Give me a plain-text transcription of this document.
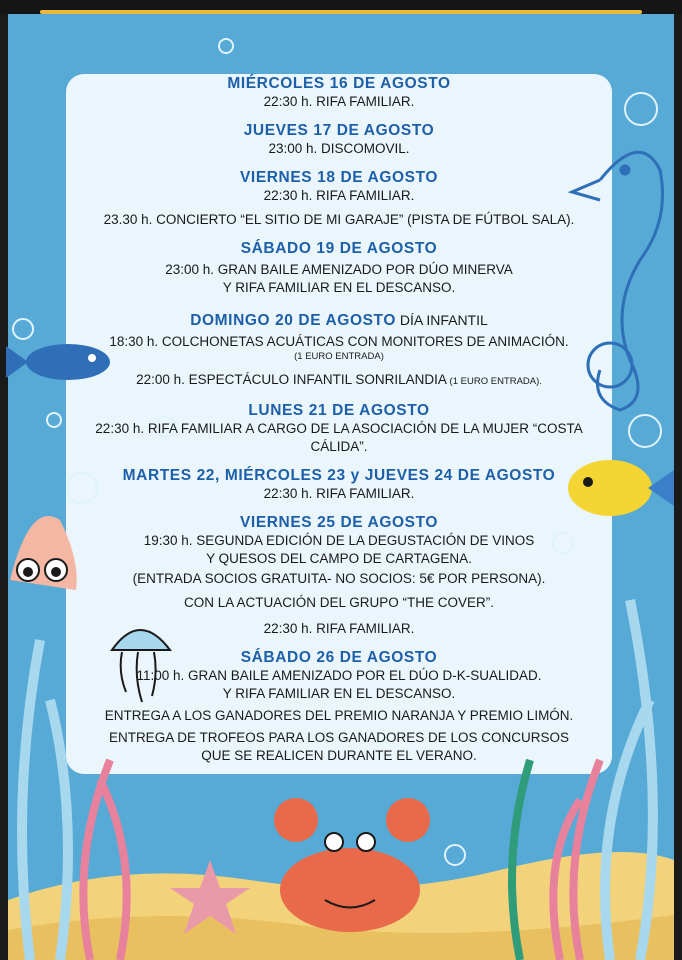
MIÉRCOLES 16 DE AGOSTO
22:30 h. RIFA FAMILIAR.
JUEVES 17 DE AGOSTO
23:00 h. DISCOMOVIL.
VIERNES 18 DE AGOSTO
22:30 h. RIFA FAMILIAR.
23.30 h. CONCIERTO “EL SITIO DE MI GARAJE” (PISTA DE FÚTBOL SALA).
SÁBADO 19 DE AGOSTO
23:00 h. GRAN BAILE AMENIZADO POR DÚO MINERVA
Y RIFA FAMILIAR EN EL DESCANSO.
DOMINGO 20 DE AGOSTO DÍA INFANTIL
18:30 h. COLCHONETAS ACUÁTICAS CON MONITORES DE ANIMACIÓN.
(1 EURO ENTRADA)
22:00 h. ESPECTÁCULO INFANTIL SONRILANDIA (1 EURO ENTRADA).
LUNES 21 DE AGOSTO
22:30 h. RIFA FAMILIAR A CARGO DE LA ASOCIACIÓN DE LA MUJER “COSTA CÁLIDA”.
MARTES 22, MIÉRCOLES 23 y JUEVES 24 DE AGOSTO
22:30 h. RIFA FAMILIAR.
VIERNES 25 DE AGOSTO
19:30 h. SEGUNDA EDICIÓN DE LA DEGUSTACIÓN DE VINOS
Y QUESOS DEL CAMPO DE CARTAGENA.
(ENTRADA SOCIOS GRATUITA- NO SOCIOS: 5€ POR PERSONA).
CON LA ACTUACIÓN DEL GRUPO “THE COVER”.
22:30 h. RIFA FAMILIAR.
SÁBADO 26 DE AGOSTO
11:00 h. GRAN BAILE AMENIZADO POR EL DÚO D-K-SUALIDAD.
Y RIFA FAMILIAR EN EL DESCANSO.
ENTREGA A LOS GANADORES DEL PREMIO NARANJA Y PREMIO LIMÓN.
ENTREGA DE TROFEOS PARA LOS GANADORES DE LOS CONCURSOS
QUE SE REALICEN DURANTE EL VERANO.
